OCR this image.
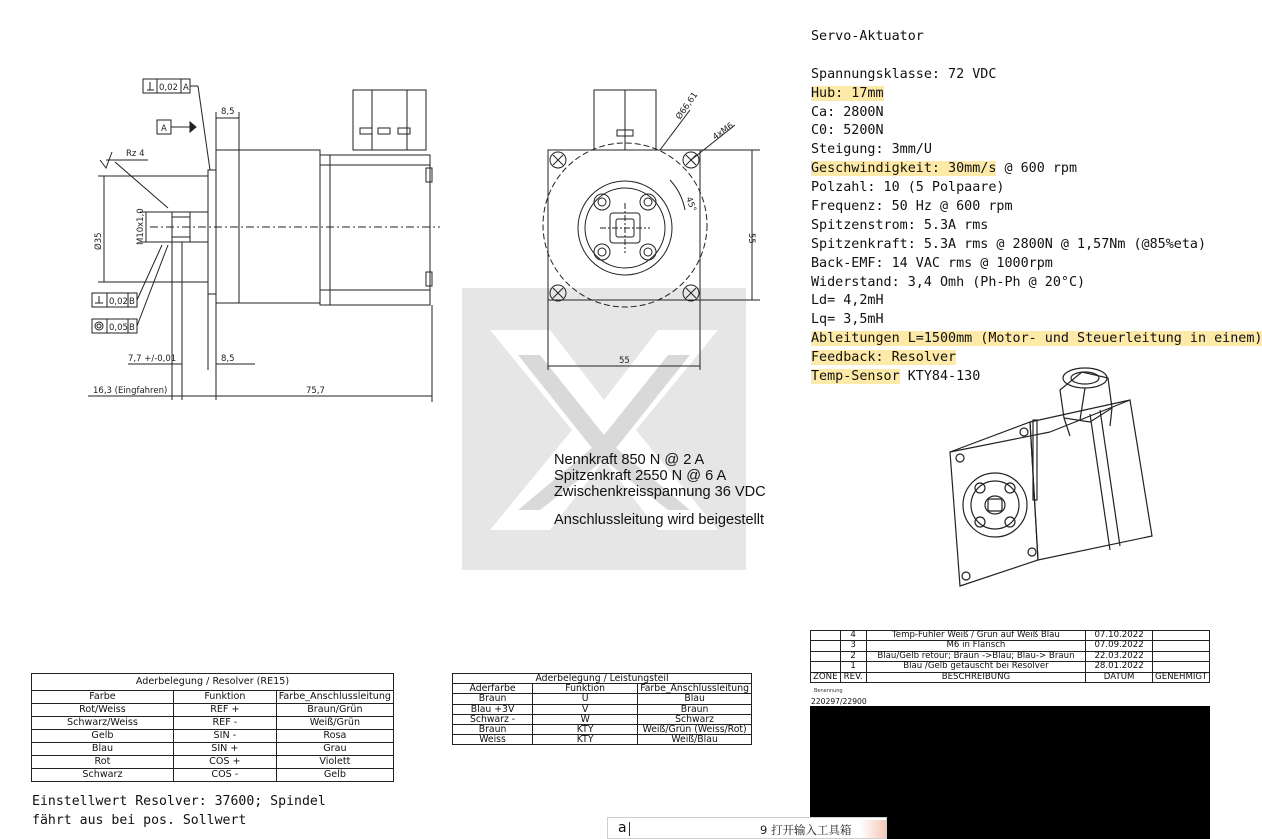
0,02 A
A
Rz 4
8,5
Ø35	M10x1,0
0,02 B
0,05 B
7,7 +/-0,01	8,5
16,3 (Eingfahren)	75,7
Ø66,61
4xM6
45°
55
55
Servo-Aktuator
Spannungsklasse: 72 VDC
Hub: 17mm
Ca: 2800N
C0: 5200N
Steigung: 3mm/U
Geschwindigkeit: 30mm/s @ 600 rpm
Polzahl: 10 (5 Polpaare)
Frequenz: 50 Hz @ 600 rpm
Spitzenstrom: 5.3A rms
Spitzenkraft: 5.3A rms @ 2800N @ 1,57Nm (@85%eta)
Back-EMF: 14 VAC rms @ 1000rpm
Widerstand: 3,4 Omh (Ph-Ph @ 20°C)
Ld= 4,2mH
Lq= 3,5mH
Ableitungen L=1500mm (Motor- und Steuerleitung in einem)
Feedback: Resolver
Temp-Sensor KTY84-130
Nennkraft 850 N @ 2 A
Spitzenkraft 2550 N @ 6 A
Zwischenkreisspannung 36 VDC
Anschlussleitung wird beigestellt
Aderbelegung / Resolver (RE15)		
Farbe	Funktion	Farbe_Anschlussleitung
Rot/Weiss	REF +	Braun/Grün
Schwarz/Weiss	REF -	Weiß/Grün
Gelb	SIN -	Rosa
Blau	SIN +	Grau
Rot	COS +	Violett
Schwarz	COS -	Gelb
Aderbelegung / Leistungsteil		
Aderfarbe	Funktion	Farbe_Anschlussleitung
Braun	U	Blau
Blau +3V	V	Braun
Schwarz -	W	Schwarz
Braun	KTY	Weiß/Grün (Weiss/Rot)
Weiss	KTY	Weiß/Blau
	4	Temp-Fühler Weiß / Grün auf Weiß Blau	07.10.2022	
	3	M6 in Flansch	07.09.2022	
	2	Blau/Gelb retour; Braun ->Blau; Blau-> Braun	22.03.2022	
	1	Blau /Gelb getauscht bei Resolver	28.01.2022	
ZONE	REV.	BESCHREIBUNG	DATUM	GENEHMIGT
Benennung
220297/22900
Einstellwert Resolver: 37600; Spindel
fährt aus bei pos. Sollwert	a	9 打开输入工具箱
